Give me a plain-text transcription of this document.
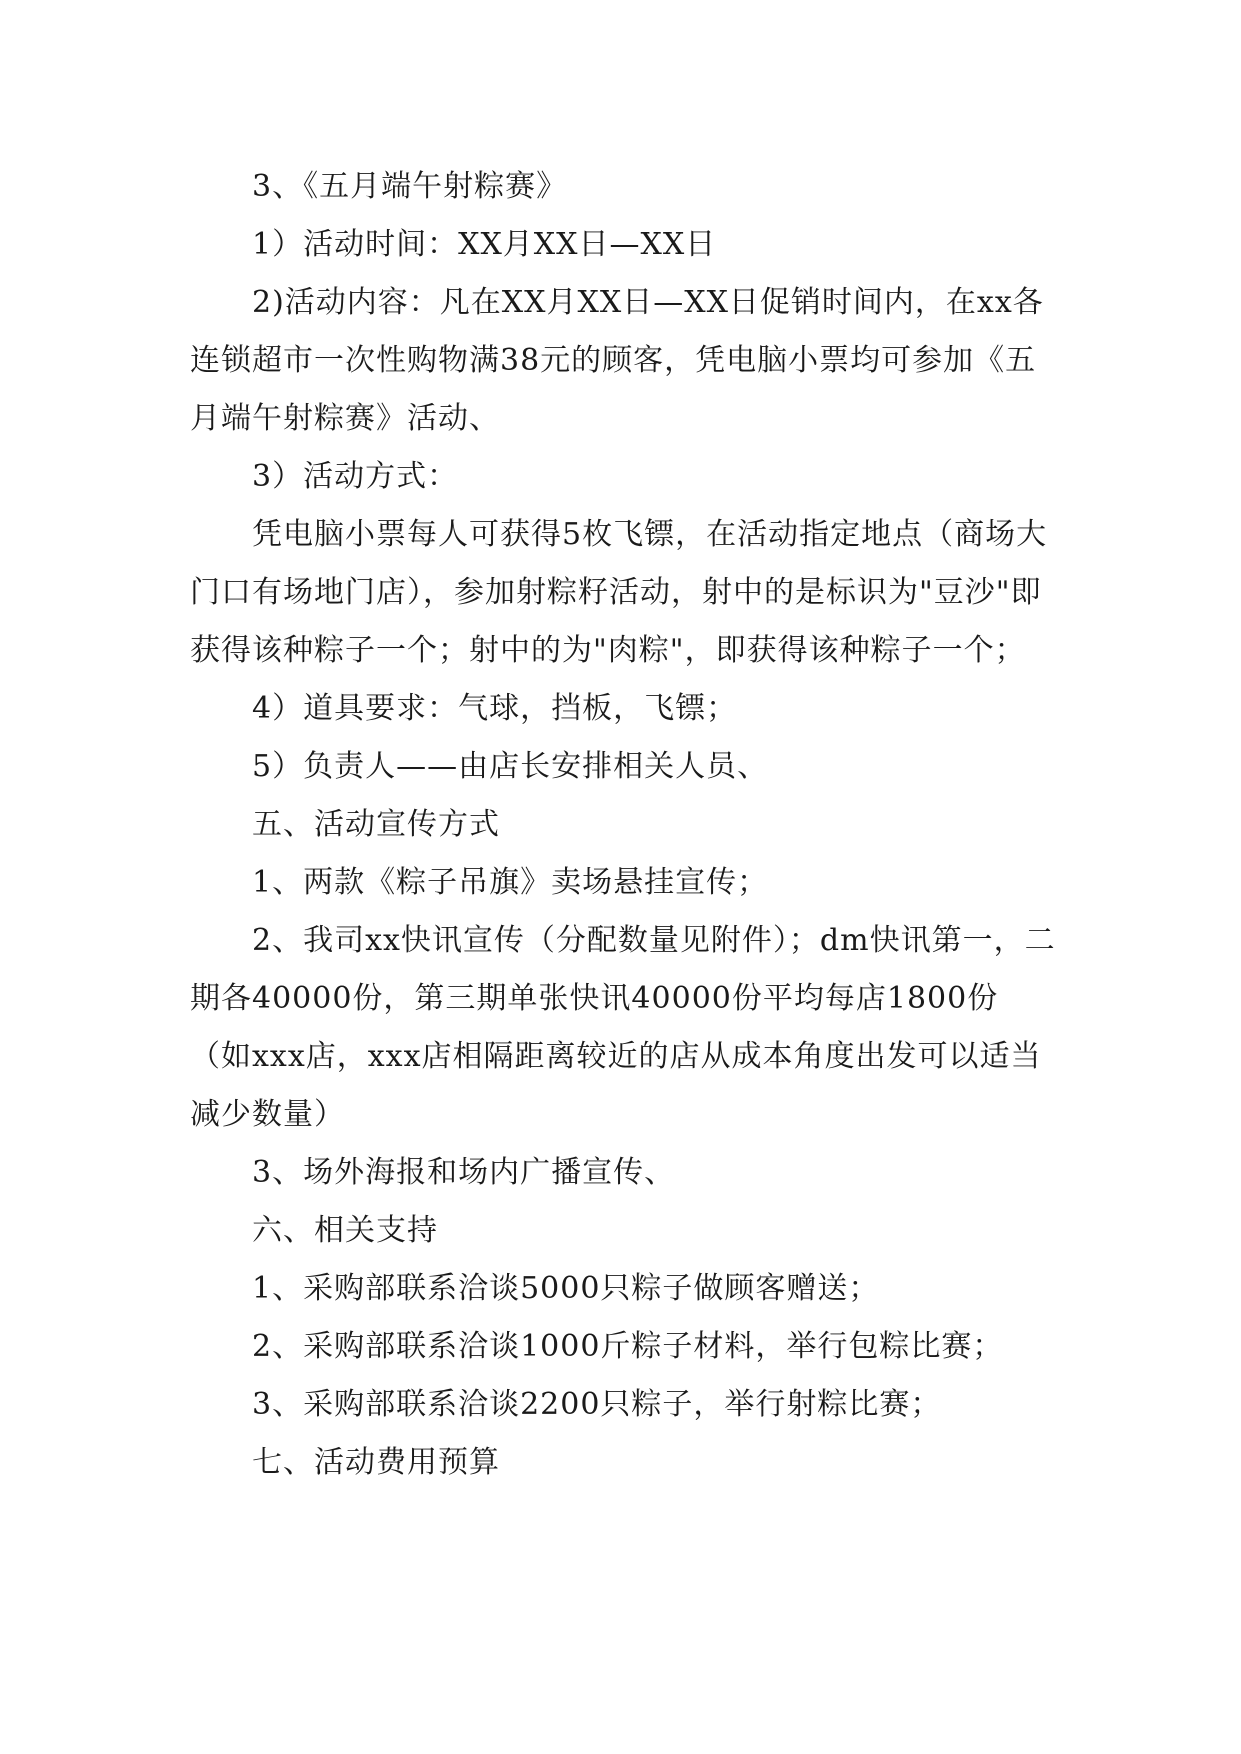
3、《五月端午射粽赛》

1）活动时间：XX月XX日—XX日

2)活动内容：凡在XX月XX日—XX日促销时间内，在xx各连锁超市一次性购物满38元的顾客，凭电脑小票均可参加《五月端午射粽赛》活动、

3）活动方式：

凭电脑小票每人可获得5枚飞镖，在活动指定地点（商场大门口有场地门店），参加射粽籽活动，射中的是标识为"豆沙"即获得该种粽子一个；射中的为"肉粽"，即获得该种粽子一个；

4）道具要求：气球，挡板，飞镖；

5）负责人——由店长安排相关人员、

五、活动宣传方式

1、两款《粽子吊旗》卖场悬挂宣传；

2、我司xx快讯宣传（分配数量见附件）；dm快讯第一，二期各40000份，第三期单张快讯40000份平均每店1800份（如xxx店，xxx店相隔距离较近的店从成本角度出发可以适当减少数量）

3、场外海报和场内广播宣传、

六、相关支持

1、采购部联系洽谈5000只粽子做顾客赠送；

2、采购部联系洽谈1000斤粽子材料，举行包粽比赛；

3、采购部联系洽谈2200只粽子，举行射粽比赛；

七、活动费用预算
